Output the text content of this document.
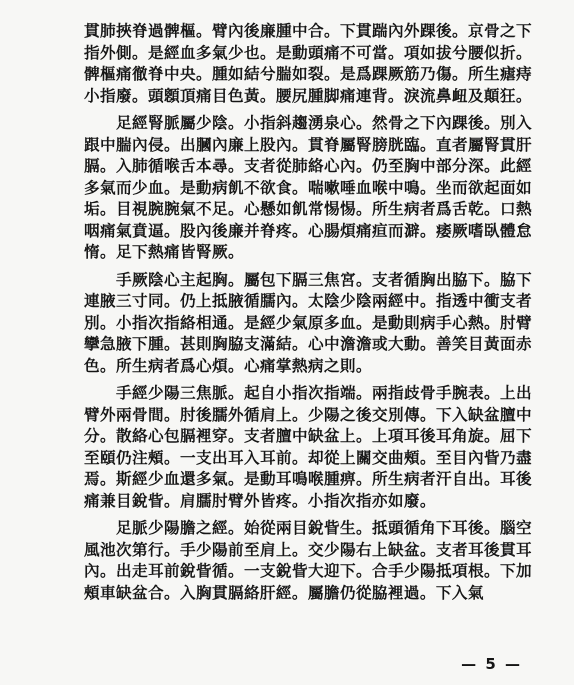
貫肺挾脊過髀樞。臂內後廉腫中合。下貫踹內外踝後。京骨之下指外側。是經血多氣少也。是動頭痛不可當。項如拔兮腰似折。髀樞痛徹脊中央。腫如結兮腨如裂。是爲踝厥筋乃傷。所生瘧痔小指廢。頭顖頂痛目色黃。腰尻腫脚痛連背。淚流鼻衄及顛狂。

足經腎脈屬少陰。小指斜趨湧泉心。然骨之下內踝後。別入跟中腨內侵。出膕內廉上股內。貫脊屬腎膀胱臨。直者屬腎貫肝膈。入肺循喉舌本尋。支者從肺絡心內。仍至胸中部分深。此經多氣而少血。是動病飢不欲食。喘嗽唾血喉中鳴。坐而欲起面如垢。目視腕腕氣不足。心懸如飢常惕惕。所生病者爲舌乾。口熱咽痛氣賁逼。股內後廉并脊疼。心腸煩痛疸而澼。痿厥嗜臥體怠惰。足下熱痛皆腎厥。

手厥陰心主起胸。屬包下膈三焦宮。支者循胸出脇下。脇下連腋三寸同。仍上抵腋循臑內。太陰少陰兩經中。指透中衝支者別。小指次指絡相通。是經少氣原多血。是動則病手心熱。肘臂攣急腋下腫。甚則胸脇支滿結。心中澹澹或大動。善笑目黃面赤色。所生病者爲心煩。心痛掌熱病之則。

手經少陽三焦脈。起自小指次指端。兩指歧骨手腕表。上出臂外兩骨間。肘後臑外循肩上。少陽之後交別傳。下入缺盆膻中分。散絡心包膈裡穿。支者膻中缺盆上。上項耳後耳角旋。屈下至頤仍注頰。一支出耳入耳前。却從上關交曲頰。至目內眥乃盡焉。斯經少血還多氣。是動耳鳴喉腫痹。所生病者汗自出。耳後痛兼目銳眥。肩臑肘臂外皆疼。小指次指亦如廢。

足脈少陽膽之經。始從兩目銳眥生。抵頭循角下耳後。腦空風池次第行。手少陽前至肩上。交少陽右上缺盆。支者耳後貫耳內。出走耳前銳眥循。一支銳眥大迎下。合手少陽抵項根。下加頰車缺盆合。入胸貫膈絡肝經。屬膽仍從脇裡過。下入氣

— 5 —
